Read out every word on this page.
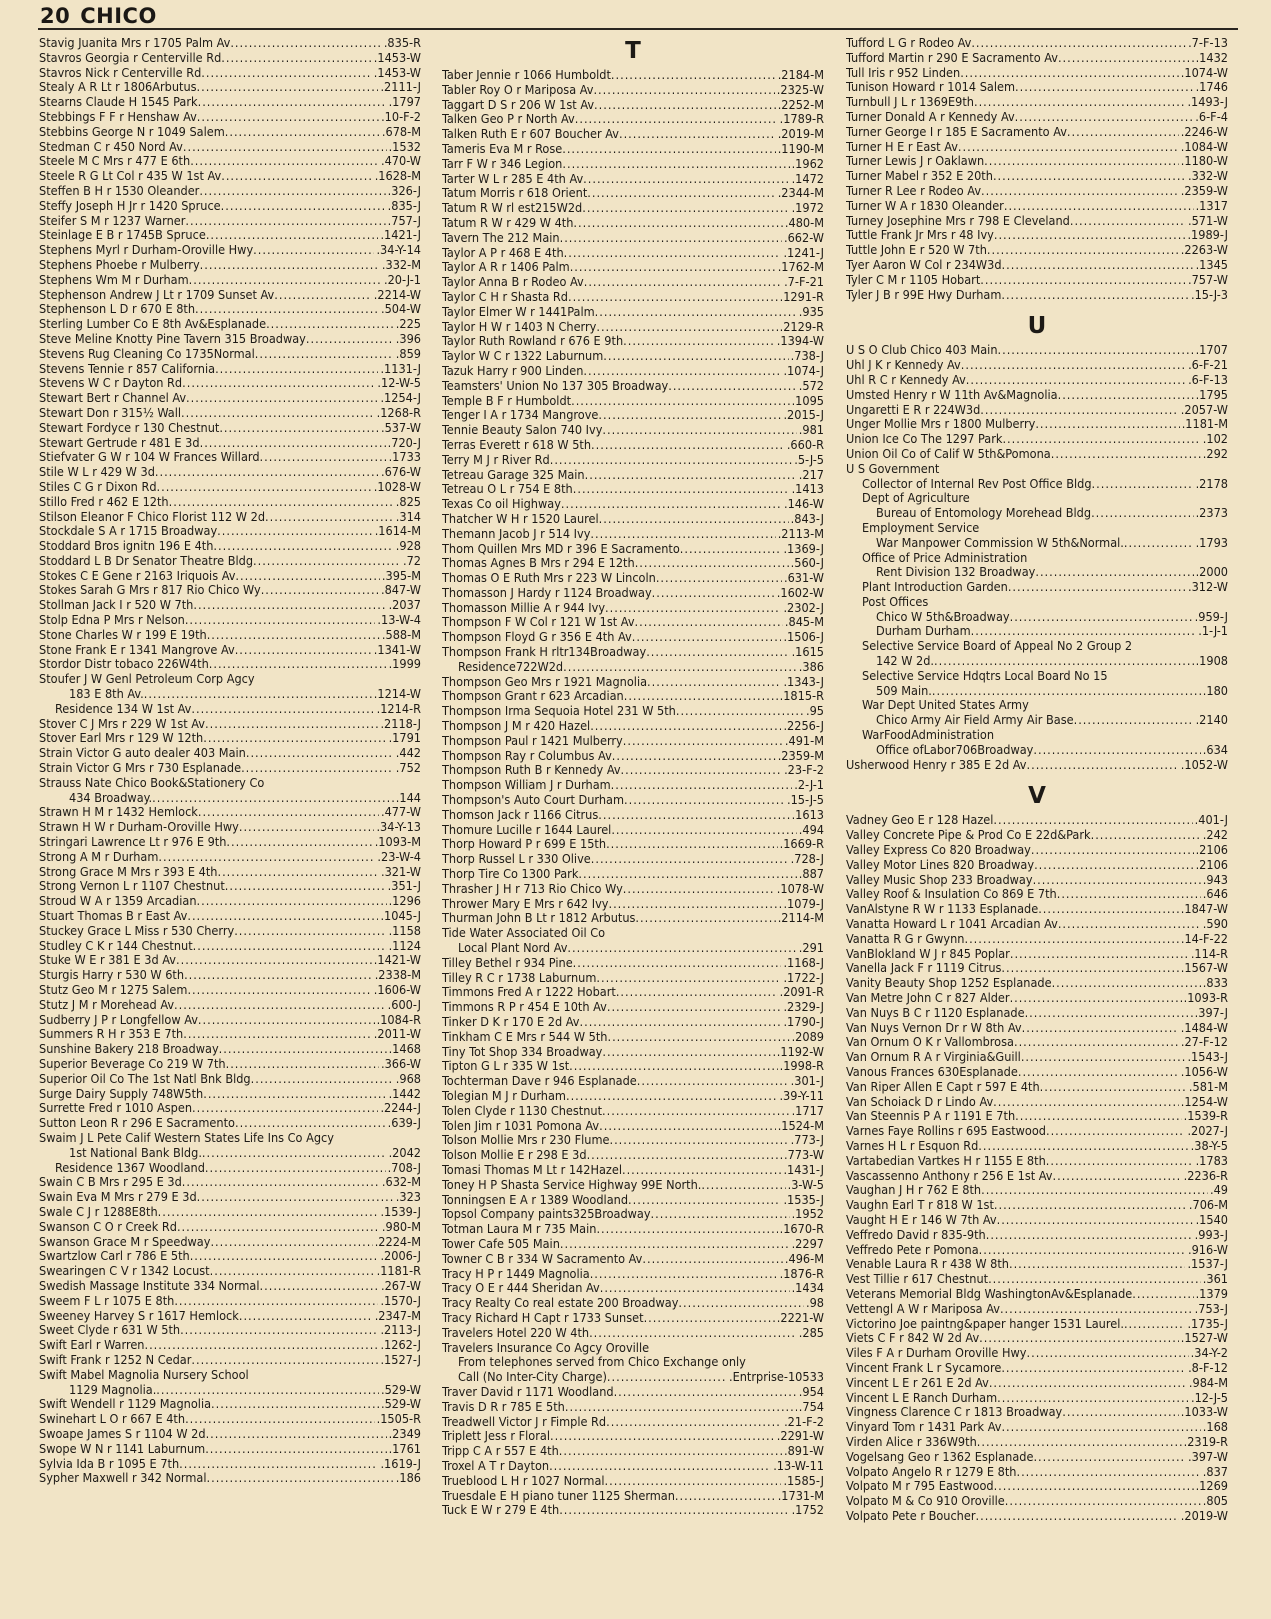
20 CHICO
Stavig Juanita Mrs r 1705 Palm Av .....	.835-R
Stavros Georgia r Centerville Rd .....	.1453-W
Stavros Nick r Centerville Rd .....	.1453-W
Stealy A R Lt r 1806Arbutus .....	.2111-J
Stearns Claude H 1545 Park .....	.1797
Stebbings F F r Henshaw Av .....	.10-F-2
Stebbins George N r 1049 Salem .....	.678-M
Stedman C r 450 Nord Av .....	.1532
Steele M C Mrs r 477 E 6th .....	.470-W
Steele R G Lt Col r 435 W 1st Av .....	.1628-M
Steffen B H r 1530 Oleander .....	.326-J
Steffy Joseph H Jr r 1420 Spruce .....	.835-J
Steifer S M r 1237 Warner .....	.757-J
Steinlage E B r 1745B Spruce .....	.1421-J
Stephens Myrl r Durham-Oroville Hwy .....	.34-Y-14
Stephens Phoebe r Mulberry .....	.332-M
Stephens Wm M r Durham .....	.20-J-1
Stephenson Andrew J Lt r 1709 Sunset Av .....	.2214-W
Stephenson L D r 670 E 8th .....	.504-W
Sterling Lumber Co E 8th Av&Esplanade .....	.225
Steve Meline Knotty Pine Tavern 315 Broadway .....	.396
Stevens Rug Cleaning Co 1735Normal .....	.859
Stevens Tennie r 857 California .....	.1131-J
Stevens W C r Dayton Rd .....	.12-W-5
Stewart Bert r Channel Av .....	.1254-J
Stewart Don r 315½ Wall .....	.1268-R
Stewart Fordyce r 130 Chestnut .....	.537-W
Stewart Gertrude r 481 E 3d .....	.720-J
Stiefvater G W r 104 W Frances Willard .....	.1733
Stile W L r 429 W 3d .....	.676-W
Stiles C G r Dixon Rd .....	.1028-W
Stillo Fred r 462 E 12th .....	.825
Stilson Eleanor F Chico Florist 112 W 2d .....	.314
Stockdale S A r 1715 Broadway .....	.1614-M
Stoddard Bros ignitn 196 E 4th .....	.928
Stoddard L B Dr Senator Theatre Bldg .....	.72
Stokes C E Gene r 2163 Iriquois Av .....	.395-M
Stokes Sarah G Mrs r 817 Rio Chico Wy .....	.847-W
Stollman Jack I r 520 W 7th .....	.2037
Stolp Edna P Mrs r Nelson .....	.13-W-4
Stone Charles W r 199 E 19th .....	.588-M
Stone Frank E r 1341 Mangrove Av .....	.1341-W
Stordor Distr tobaco 226W4th .....	.1999
Stoufer J W Genl Petroleum Corp Agcy
183 E 8th Av. .....	.1214-W
Residence 134 W 1st Av .....	.1214-R
Stover C J Mrs r 229 W 1st Av .....	.2118-J
Stover Earl Mrs r 129 W 12th .....	.1791
Strain Victor G auto dealer 403 Main .....	.442
Strain Victor G Mrs r 730 Esplanade .....	.752
Strauss Nate Chico Book&Stationery Co
434 Broadway. .....	.144
Strawn H M r 1432 Hemlock .....	.477-W
Strawn H W r Durham-Oroville Hwy .....	.34-Y-13
Stringari Lawrence Lt r 976 E 9th .....	.1093-M
Strong A M r Durham .....	.23-W-4
Strong Grace M Mrs r 393 E 4th .....	.321-W
Strong Vernon L r 1107 Chestnut .....	.351-J
Stroud W A r 1359 Arcadian .....	.1296
Stuart Thomas B r East Av .....	.1045-J
Stuckey Grace L Miss r 530 Cherry .....	.1158
Studley C K r 144 Chestnut .....	.1124
Stuke W E r 381 E 3d Av .....	.1421-W
Sturgis Harry r 530 W 6th .....	.2338-M
Stutz Geo M r 1275 Salem .....	.1606-W
Stutz J M r Morehead Av .....	.600-J
Sudberry J P r Longfellow Av .....	.1084-R
Summers R H r 353 E 7th .....	.2011-W
Sunshine Bakery 218 Broadway .....	.1468
Superior Beverage Co 219 W 7th .....	.366-W
Superior Oil Co The 1st Natl Bnk Bldg .....	.968
Surge Dairy Supply 748W5th .....	.1442
Surrette Fred r 1010 Aspen .....	.2244-J
Sutton Leon R r 296 E Sacramento .....	.639-J
Swaim J L Pete Calif Western States Life Ins Co Agcy
1st National Bank Bldg. .....	.2042
Residence 1367 Woodland .....	.708-J
Swain C B Mrs r 295 E 3d .....	.632-M
Swain Eva M Mrs r 279 E 3d .....	.323
Swale C J r 1288E8th .....	.1539-J
Swanson C O r Creek Rd .....	.980-M
Swanson Grace M r Speedway .....	.2224-M
Swartzlow Carl r 786 E 5th .....	.2006-J
Swearingen C V r 1342 Locust .....	.1181-R
Swedish Massage Institute 334 Normal .....	.267-W
Sweem F L r 1075 E 8th .....	.1570-J
Sweeney Harvey S r 1617 Hemlock .....	.2347-M
Sweet Clyde r 631 W 5th .....	.2113-J
Swift Earl r Warren .....	.1262-J
Swift Frank r 1252 N Cedar .....	.1527-J
Swift Mabel Magnolia Nursery School
1129 Magnolia. .....	.529-W
Swift Wendell r 1129 Magnolia .....	.529-W
Swinehart L O r 667 E 4th .....	.1505-R
Swoape James S r 1104 W 2d .....	.2349
Swope W N r 1141 Laburnum .....	.1761
Sylvia Ida B r 1095 E 7th .....	.1619-J
Sypher Maxwell r 342 Normal .....	.186
T
Taber Jennie r 1066 Humboldt .....	.2184-M
Tabler Roy O r Mariposa Av .....	.2325-W
Taggart D S r 206 W 1st Av .....	.2252-M
Talken Geo P r North Av .....	.1789-R
Talken Ruth E r 607 Boucher Av .....	.2019-M
Tameris Eva M r Rose .....	.1190-M
Tarr F W r 346 Legion .....	.1962
Tarter W L r 285 E 4th Av .....	.1472
Tatum Morris r 618 Orient .....	.2344-M
Tatum R W rl est215W2d .....	.1972
Tatum R W r 429 W 4th .....	.480-M
Tavern The 212 Main .....	.662-W
Taylor A P r 468 E 4th .....	.1241-J
Taylor A R r 1406 Palm .....	.1762-M
Taylor Anna B r Rodeo Av .....	.7-F-21
Taylor C H r Shasta Rd .....	.1291-R
Taylor Elmer W r 1441Palm .....	.935
Taylor H W r 1403 N Cherry .....	.2129-R
Taylor Ruth Rowland r 676 E 9th .....	.1394-W
Taylor W C r 1322 Laburnum .....	.738-J
Tazuk Harry r 900 Linden .....	.1074-J
Teamsters' Union No 137 305 Broadway .....	.572
Temple B F r Humboldt .....	.1095
Tenger I A r 1734 Mangrove .....	.2015-J
Tennie Beauty Salon 740 Ivy .....	.981
Terras Everett r 618 W 5th .....	.660-R
Terry M J r River Rd .....	.5-J-5
Tetreau Garage 325 Main .....	.217
Tetreau O L r 754 E 8th .....	.1413
Texas Co oil Highway .....	.146-W
Thatcher W H r 1520 Laurel .....	.843-J
Themann Jacob J r 514 Ivy .....	.2113-M
Thom Quillen Mrs MD r 396 E Sacramento .....	.1369-J
Thomas Agnes B Mrs r 294 E 12th .....	.560-J
Thomas O E Ruth Mrs r 223 W Lincoln .....	.631-W
Thomasson J Hardy r 1124 Broadway .....	.1602-W
Thomasson Millie A r 944 Ivy .....	.2302-J
Thompson F W Col r 121 W 1st Av .....	.845-M
Thompson Floyd G r 356 E 4th Av .....	.1506-J
Thompson Frank H rltr134Broadway .....	.1615
Residence722W2d .....	.386
Thompson Geo Mrs r 1921 Magnolia .....	.1343-J
Thompson Grant r 623 Arcadian .....	.1815-R
Thompson Irma Sequoia Hotel 231 W 5th .....	.95
Thompson J M r 420 Hazel .....	.2256-J
Thompson Paul r 1421 Mulberry .....	.491-M
Thompson Ray r Columbus Av .....	.2359-M
Thompson Ruth B r Kennedy Av .....	.23-F-2
Thompson William J r Durham .....	.2-J-1
Thompson's Auto Court Durham .....	.15-J-5
Thomson Jack r 1166 Citrus .....	.1613
Thomure Lucille r 1644 Laurel .....	.494
Thorp Howard P r 699 E 15th .....	.1669-R
Thorp Russel L r 330 Olive .....	.728-J
Thorp Tire Co 1300 Park .....	.887
Thrasher J H r 713 Rio Chico Wy .....	.1078-W
Thrower Mary E Mrs r 642 Ivy .....	.1079-J
Thurman John B Lt r 1812 Arbutus .....	.2114-M
Tide Water Associated Oil Co
Local Plant Nord Av .....	.291
Tilley Bethel r 934 Pine .....	.1168-J
Tilley R C r 1738 Laburnum .....	.1722-J
Timmons Fred A r 1222 Hobart .....	.2091-R
Timmons R P r 454 E 10th Av .....	.2329-J
Tinker D K r 170 E 2d Av .....	.1790-J
Tinkham C E Mrs r 544 W 5th .....	.2089
Tiny Tot Shop 334 Broadway .....	.1192-W
Tipton G L r 335 W 1st .....	.1998-R
Tochterman Dave r 946 Esplanade .....	.301-J
Tolegian M J r Durham .....	.39-Y-11
Tolen Clyde r 1130 Chestnut .....	.1717
Tolen Jim r 1031 Pomona Av .....	.1524-M
Tolson Mollie Mrs r 230 Flume .....	.773-J
Tolson Mollie E r 298 E 3d .....	.773-W
Tomasi Thomas M Lt r 142Hazel .....	.1431-J
Toney H P Shasta Service Highway 99E North. .....	.3-W-5
Tonningsen E A r 1389 Woodland .....	.1535-J
Topsol Company paints325Broadway .....	.1952
Totman Laura M r 735 Main .....	.1670-R
Tower Cafe 505 Main .....	.2297
Towner C B r 334 W Sacramento Av .....	.496-M
Tracy H P r 1449 Magnolia .....	.1876-R
Tracy O E r 444 Sheridan Av .....	.1434
Tracy Realty Co real estate 200 Broadway .....	.98
Tracy Richard H Capt r 1733 Sunset .....	.2221-W
Travelers Hotel 220 W 4th .....	.285
Travelers Insurance Co Agcy Oroville
From telephones served from Chico Exchange only
Call (No Inter-City Charge) .....	.Entrprise-10533
Traver David r 1171 Woodland .....	.954
Travis D R r 785 E 5th .....	.754
Treadwell Victor J r Fimple Rd .....	.21-F-2
Triplett Jess r Floral .....	.2291-W
Tripp C A r 557 E 4th .....	.891-W
Troxel A T r Dayton .....	.13-W-11
Trueblood L H r 1027 Normal .....	.1585-J
Truesdale E H piano tuner 1125 Sherman .....	.1731-M
Tuck E W r 279 E 4th .....	.1752
Tufford L G r Rodeo Av .....	.7-F-13
Tufford Martin r 290 E Sacramento Av .....	.1432
Tull Iris r 952 Linden .....	.1074-W
Tunison Howard r 1014 Salem .....	.1746
Turnbull J L r 1369E9th .....	.1493-J
Turner Donald A r Kennedy Av .....	.6-F-4
Turner George I r 185 E Sacramento Av .....	.2246-W
Turner H E r East Av .....	.1084-W
Turner Lewis J r Oaklawn .....	.1180-W
Turner Mabel r 352 E 20th .....	.332-W
Turner R Lee r Rodeo Av .....	.2359-W
Turner W A r 1830 Oleander .....	.1317
Turney Josephine Mrs r 798 E Cleveland .....	.571-W
Tuttle Frank Jr Mrs r 48 Ivy .....	.1989-J
Tuttle John E r 520 W 7th .....	.2263-W
Tyer Aaron W Col r 234W3d .....	.1345
Tyler C M r 1105 Hobart .....	.757-W
Tyler J B r 99E Hwy Durham .....	.15-J-3
U
U S O Club Chico 403 Main .....	.1707
Uhl J K r Kennedy Av .....	.6-F-21
Uhl R C r Kennedy Av .....	.6-F-13
Umsted Henry r W 11th Av&Magnolia .....	.1795
Ungaretti E R r 224W3d .....	.2057-W
Unger Mollie Mrs r 1800 Mulberry .....	.1181-M
Union Ice Co The 1297 Park .....	.102
Union Oil Co of Calif W 5th&Pomona .....	.292
U S Government
Collector of Internal Rev Post Office Bldg .....	.2178
Dept of Agriculture
Bureau of Entomology Morehead Bldg .....	.2373
Employment Service
War Manpower Commission W 5th&Normal. .....	.1793
Office of Price Administration
Rent Division 132 Broadway .....	.2000
Plant Introduction Garden .....	.312-W
Post Offices
Chico W 5th&Broadway .....	.959-J
Durham Durham .....	.1-J-1
Selective Service Board of Appeal No 2 Group 2
142 W 2d. .....	.1908
Selective Service Hdqtrs Local Board No 15
509 Main. .....	.180
War Dept United States Army
Chico Army Air Field Army Air Base .....	.2140
WarFoodAdministration
Office ofLabor706Broadway .....	.634
Usherwood Henry r 385 E 2d Av .....	.1052-W
V
Vadney Geo E r 128 Hazel .....	.401-J
Valley Concrete Pipe & Prod Co E 22d&Park .....	.242
Valley Express Co 820 Broadway .....	.2106
Valley Motor Lines 820 Broadway .....	.2106
Valley Music Shop 233 Broadway .....	.943
Valley Roof & Insulation Co 869 E 7th .....	.646
VanAlstyne R W r 1133 Esplanade .....	.1847-W
Vanatta Howard L r 1041 Arcadian Av .....	.590
Vanatta R G r Gwynn .....	.14-F-22
VanBlokland W J r 845 Poplar .....	.114-R
Vanella Jack F r 1119 Citrus .....	.1567-W
Vanity Beauty Shop 1252 Esplanade .....	.833
Van Metre John C r 827 Alder .....	.1093-R
Van Nuys B C r 1120 Esplanade .....	.397-J
Van Nuys Vernon Dr r W 8th Av .....	.1484-W
Van Ornum O K r Vallombrosa .....	.27-F-12
Van Ornum R A r Virginia&Guill .....	.1543-J
Vanous Frances 630Esplanade .....	.1056-W
Van Riper Allen E Capt r 597 E 4th .....	.581-M
Van Schoiack D r Lindo Av .....	.1254-W
Van Steennis P A r 1191 E 7th .....	.1539-R
Varnes Faye Rollins r 695 Eastwood .....	.2027-J
Varnes H L r Esquon Rd .....	.38-Y-5
Vartabedian Vartkes H r 1155 E 8th .....	.1783
Vascassenno Anthony r 256 E 1st Av .....	.2236-R
Vaughan J H r 762 E 8th .....	.49
Vaughn Earl T r 818 W 1st .....	.706-M
Vaught H E r 146 W 7th Av .....	.1540
Veffredo David r 835-9th .....	.993-J
Veffredo Pete r Pomona .....	.916-W
Venable Laura R r 438 W 8th .....	.1537-J
Vest Tillie r 617 Chestnut .....	.361
Veterans Memorial Bldg WashingtonAv&Esplanade .....	.1379
Vettengl A W r Mariposa Av .....	.753-J
Victorino Joe paintng&paper hanger 1531 Laurel. .....	.1735-J
Viets C F r 842 W 2d Av .....	.1527-W
Viles F A r Durham Oroville Hwy .....	.34-Y-2
Vincent Frank L r Sycamore .....	.8-F-12
Vincent L E r 261 E 2d Av .....	.984-M
Vincent L E Ranch Durham .....	.12-J-5
Vingness Clarence C r 1813 Broadway .....	.1033-W
Vinyard Tom r 1431 Park Av .....	.168
Virden Alice r 336W9th .....	.2319-R
Vogelsang Geo r 1362 Esplanade .....	.397-W
Volpato Angelo R r 1279 E 8th .....	.837
Volpato M r 795 Eastwood .....	.1269
Volpato M & Co 910 Oroville .....	.805
Volpato Pete r Boucher .....	.2019-W
